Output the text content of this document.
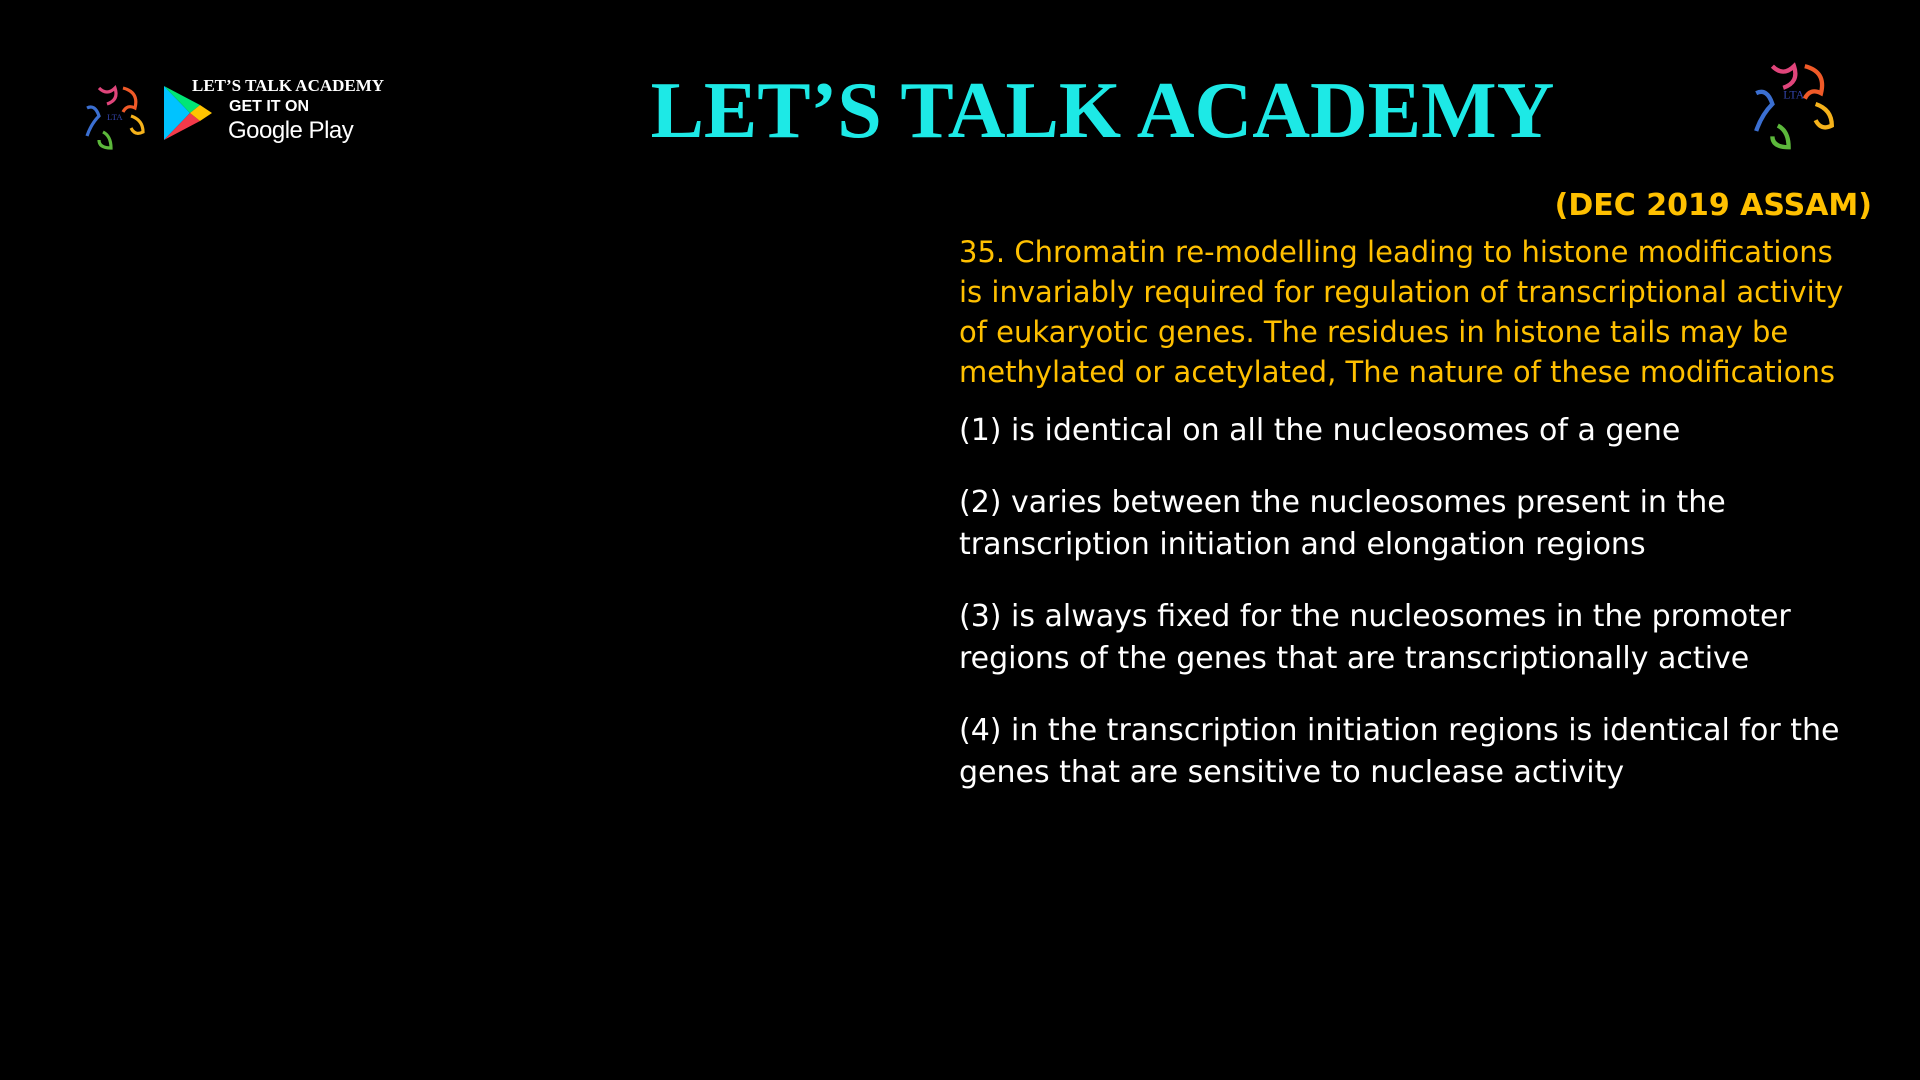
LTA
LET’S TALK ACADEMY
GET IT ON
Google Play	LET’S TALK ACADEMY	LTA
(DEC 2019 ASSAM)
35. Chromatin re-modelling leading to histone modifications
is invariably required for regulation of transcriptional activity
of eukaryotic genes. The residues in histone tails may be
methylated or acetylated, The nature of these modifications
(1) is identical on all the nucleosomes of a gene
(2) varies between the nucleosomes present in the
transcription initiation and elongation regions
(3) is always fixed for the nucleosomes in the promoter
regions of the genes that are transcriptionally active
(4) in the transcription initiation regions is identical for the
genes that are sensitive to nuclease activity
